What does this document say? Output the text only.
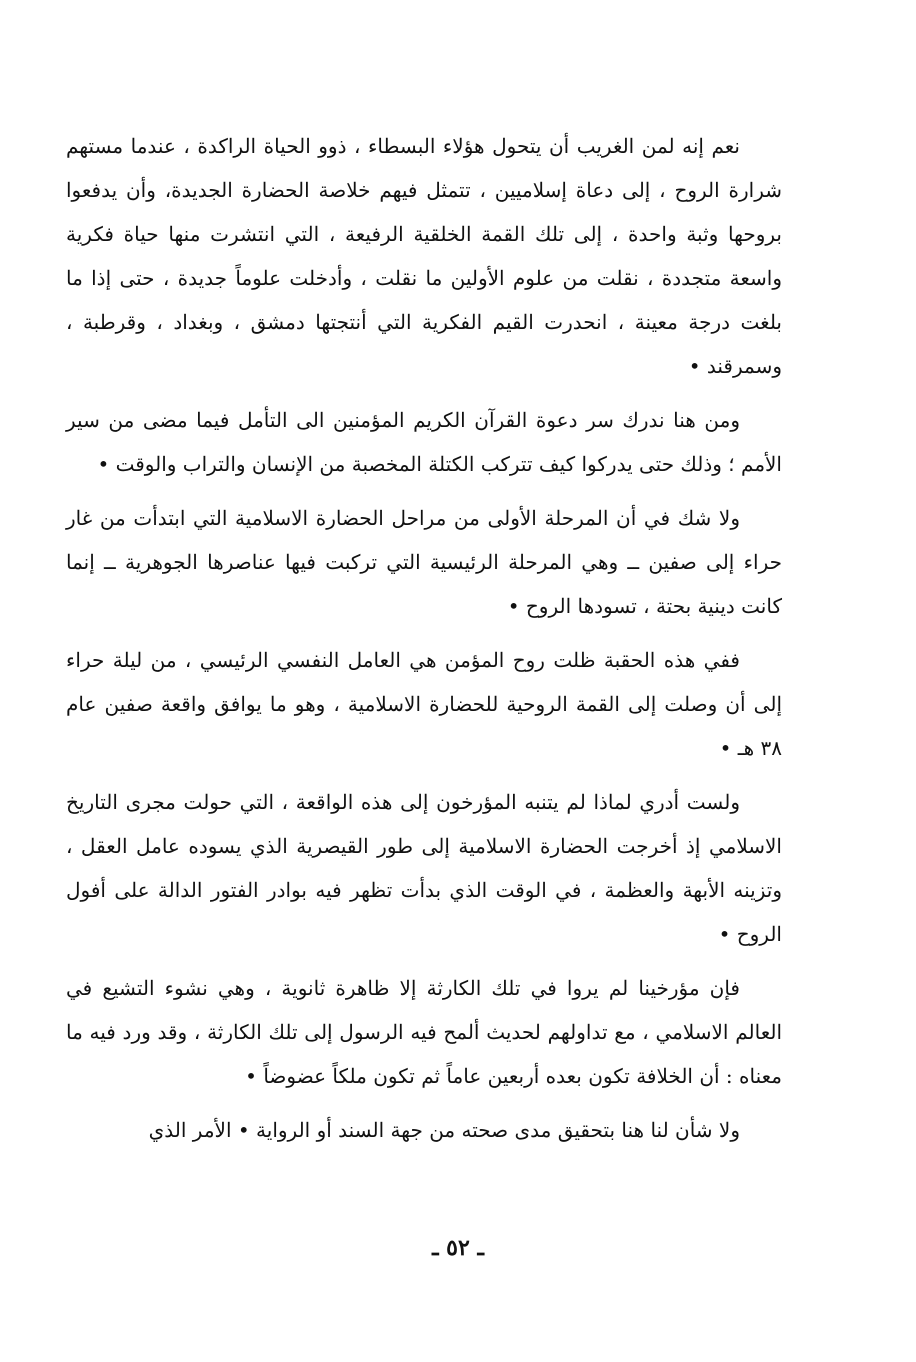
نعم إنه لمن الغريب أن يتحول هؤلاء البسطاء ، ذوو الحياة الراكدة ، عندما مستهم شرارة الروح ، إلى دعاة إسلاميين ، تتمثل فيهم خلاصة الحضارة الجديدة، وأن يدفعوا بروحها وثبة واحدة ، إلى تلك القمة الخلقية الرفيعة ، التي انتشرت منها حياة فكرية واسعة متجددة ، نقلت من علوم الأولين ما نقلت ، وأدخلت علوماً جديدة ، حتى إذا ما بلغت درجة معينة ، انحدرت القيم الفكرية التي أنتجتها دمشق ، وبغداد ، وقرطبة ، وسمرقند •

ومن هنا ندرك سر دعوة القرآن الكريم المؤمنين الى التأمل فيما مضى من سير الأمم ؛ وذلك حتى يدركوا كيف تتركب الكتلة المخصبة من الإنسان والتراب والوقت •

ولا شك في أن المرحلة الأولى من مراحل الحضارة الاسلامية التي ابتدأت من غار حراء إلى صفين ــ وهي المرحلة الرئيسية التي تركبت فيها عناصرها الجوهرية ــ إنما كانت دينية بحتة ، تسودها الروح •

ففي هذه الحقبة ظلت روح المؤمن هي العامل النفسي الرئيسي ، من ليلة حراء إلى أن وصلت إلى القمة الروحية للحضارة الاسلامية ، وهو ما يوافق واقعة صفين عام ٣٨ هـ •

ولست أدري لماذا لم يتنبه المؤرخون إلى هذه الواقعة ، التي حولت مجرى التاريخ الاسلامي إذ أخرجت الحضارة الاسلامية إلى طور القيصرية الذي يسوده عامل العقل ، وتزينه الأبهة والعظمة ، في الوقت الذي بدأت تظهر فيه بوادر الفتور الدالة على أفول الروح •

فإن مؤرخينا لم يروا في تلك الكارثة إلا ظاهرة ثانوية ، وهي نشوء التشيع في العالم الاسلامي ، مع تداولهم لحديث ألمح فيه الرسول إلى تلك الكارثة ، وقد ورد فيه ما معناه : أن الخلافة تكون بعده أربعين عاماً ثم تكون ملكاً عضوضاً •

ولا شأن لنا هنا بتحقيق مدى صحته من جهة السند أو الرواية • الأمر الذي

ـ ٥٢ ـ
